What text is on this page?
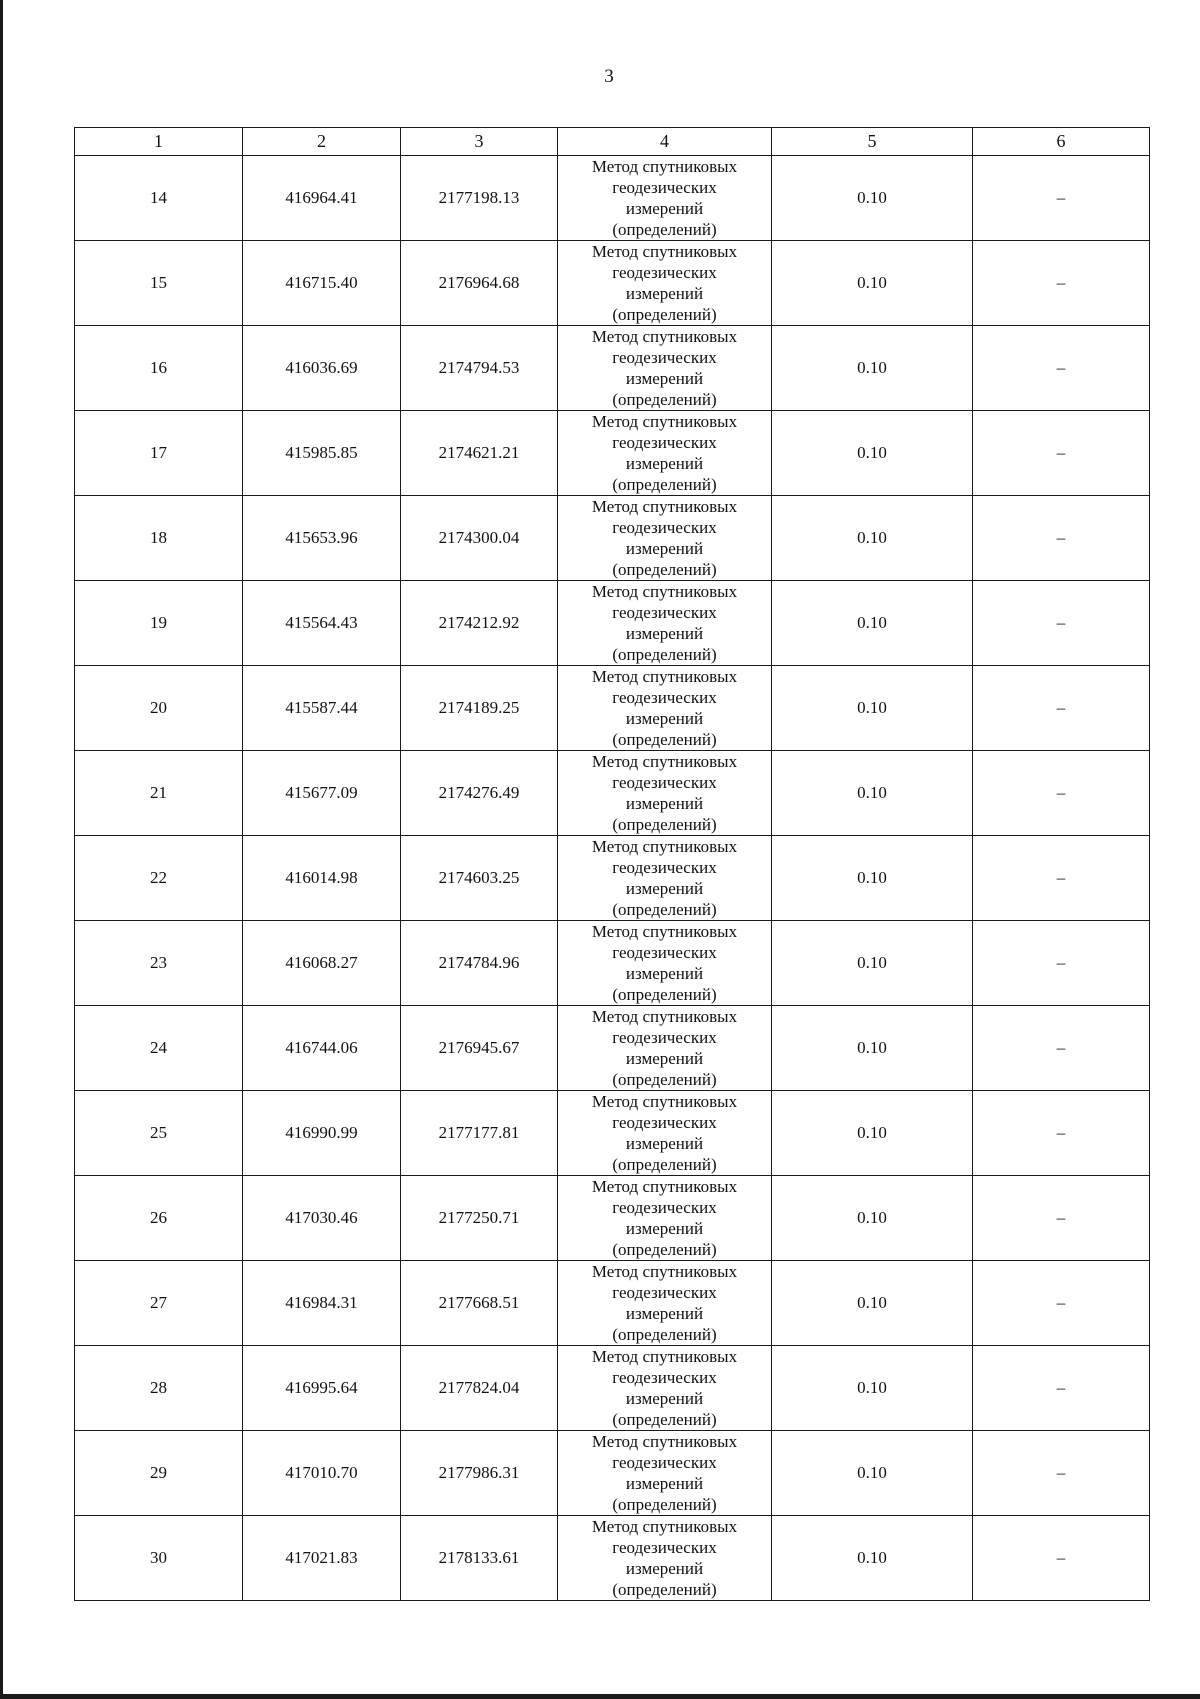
3
1	2	3	4	5	6
14	416964.41	2177198.13	Метод спутниковых
геодезических
измерений
(определений)	0.10	–
15	416715.40	2176964.68	Метод спутниковых
геодезических
измерений
(определений)	0.10	–
16	416036.69	2174794.53	Метод спутниковых
геодезических
измерений
(определений)	0.10	–
17	415985.85	2174621.21	Метод спутниковых
геодезических
измерений
(определений)	0.10	–
18	415653.96	2174300.04	Метод спутниковых
геодезических
измерений
(определений)	0.10	–
19	415564.43	2174212.92	Метод спутниковых
геодезических
измерений
(определений)	0.10	–
20	415587.44	2174189.25	Метод спутниковых
геодезических
измерений
(определений)	0.10	–
21	415677.09	2174276.49	Метод спутниковых
геодезических
измерений
(определений)	0.10	–
22	416014.98	2174603.25	Метод спутниковых
геодезических
измерений
(определений)	0.10	–
23	416068.27	2174784.96	Метод спутниковых
геодезических
измерений
(определений)	0.10	–
24	416744.06	2176945.67	Метод спутниковых
геодезических
измерений
(определений)	0.10	–
25	416990.99	2177177.81	Метод спутниковых
геодезических
измерений
(определений)	0.10	–
26	417030.46	2177250.71	Метод спутниковых
геодезических
измерений
(определений)	0.10	–
27	416984.31	2177668.51	Метод спутниковых
геодезических
измерений
(определений)	0.10	–
28	416995.64	2177824.04	Метод спутниковых
геодезических
измерений
(определений)	0.10	–
29	417010.70	2177986.31	Метод спутниковых
геодезических
измерений
(определений)	0.10	–
30	417021.83	2178133.61	Метод спутниковых
геодезических
измерений
(определений)	0.10	–
